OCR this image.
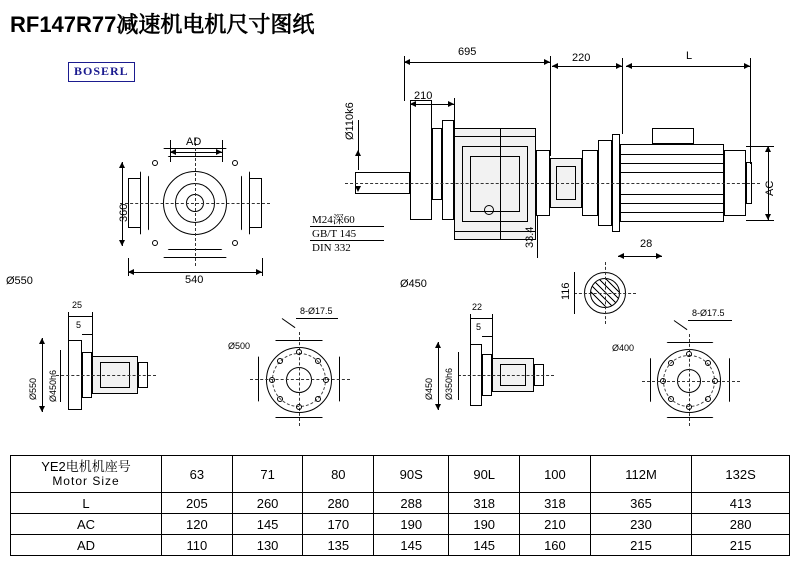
RF147R77减速机电机尺寸图纸
BOSERL
AD
360
540
Ø550
695	220	L
210
Ø110k6
AC
33.4
M24深60
GB/T 145
DIN 332
Ø450
28
116
25
5
Ø550 Ø450h6
8-Ø17.5
Ø500
22
5
Ø450 Ø350h6
8-Ø17.5
Ø400
YE2电机机座号
Motor Size	63	71	80	90S	90L	100	112M	132S
L	205	260	280	288	318	318	365	413
AC	120	145	170	190	190	210	230	280
AD	110	130	135	145	145	160	215	215
